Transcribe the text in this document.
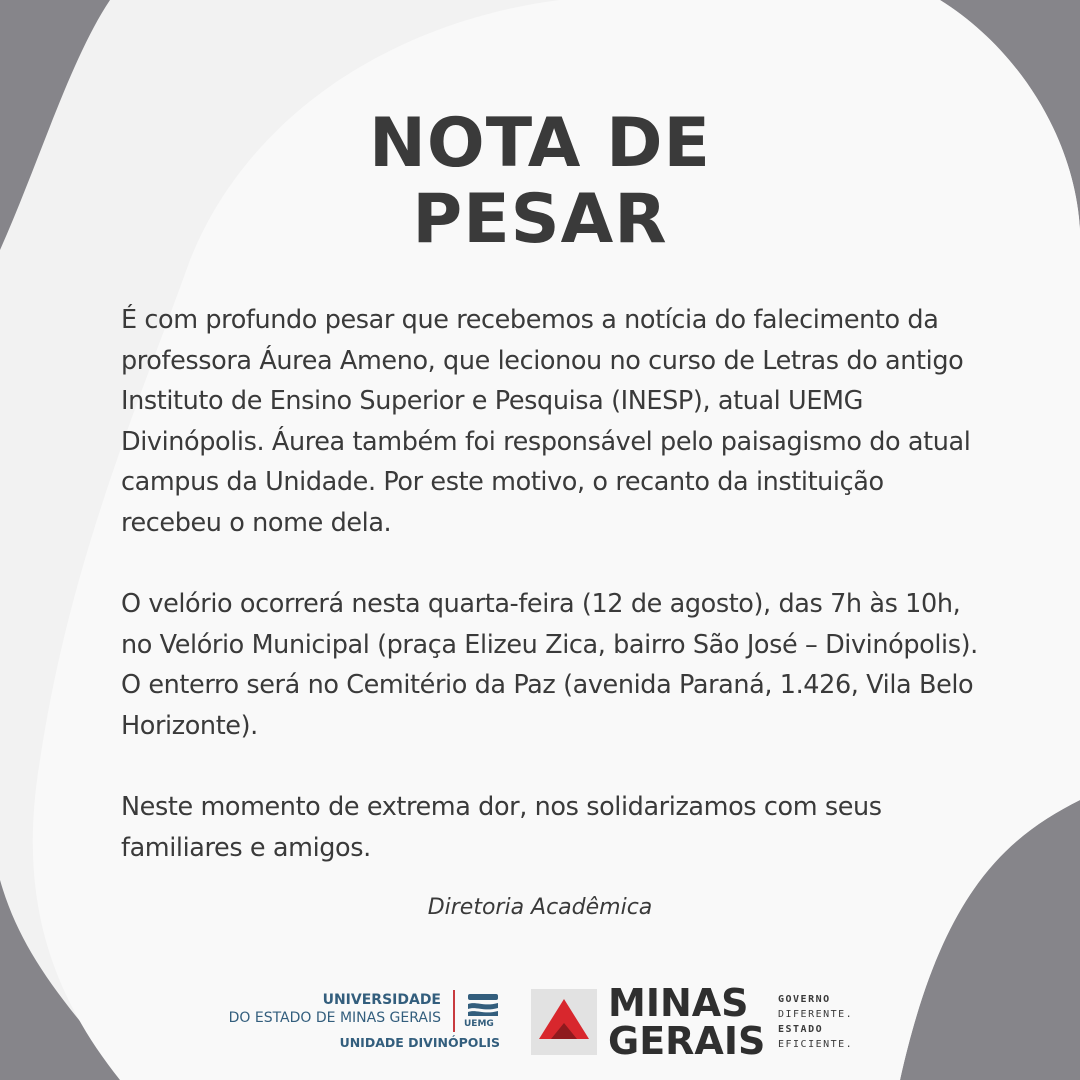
NOTA DE
PESAR

É com profundo pesar que recebemos a notícia do falecimento da professora Áurea Ameno, que lecionou no curso de Letras do antigo Instituto de Ensino Superior e Pesquisa (INESP), atual UEMG Divinópolis. Áurea também foi responsável pelo paisagismo do atual campus da Unidade. Por este motivo, o recanto da instituição recebeu o nome dela.

O velório ocorrerá nesta quarta-feira (12 de agosto), das 7h às 10h, no Velório Municipal (praça Elizeu Zica, bairro São José – Divinópolis). O enterro será no Cemitério da Paz (avenida Paraná, 1.426, Vila Belo Horizonte).

Neste momento de extrema dor, nos solidarizamos com seus familiares e amigos.

Diretoria Acadêmica
UNIVERSIDADE
DO ESTADO DE MINAS GERAIS	UEMG
UNIDADE DIVINÓPOLIS
MINAS
GERAIS
GOVERNO
DIFERENTE.
ESTADO
EFICIENTE.
